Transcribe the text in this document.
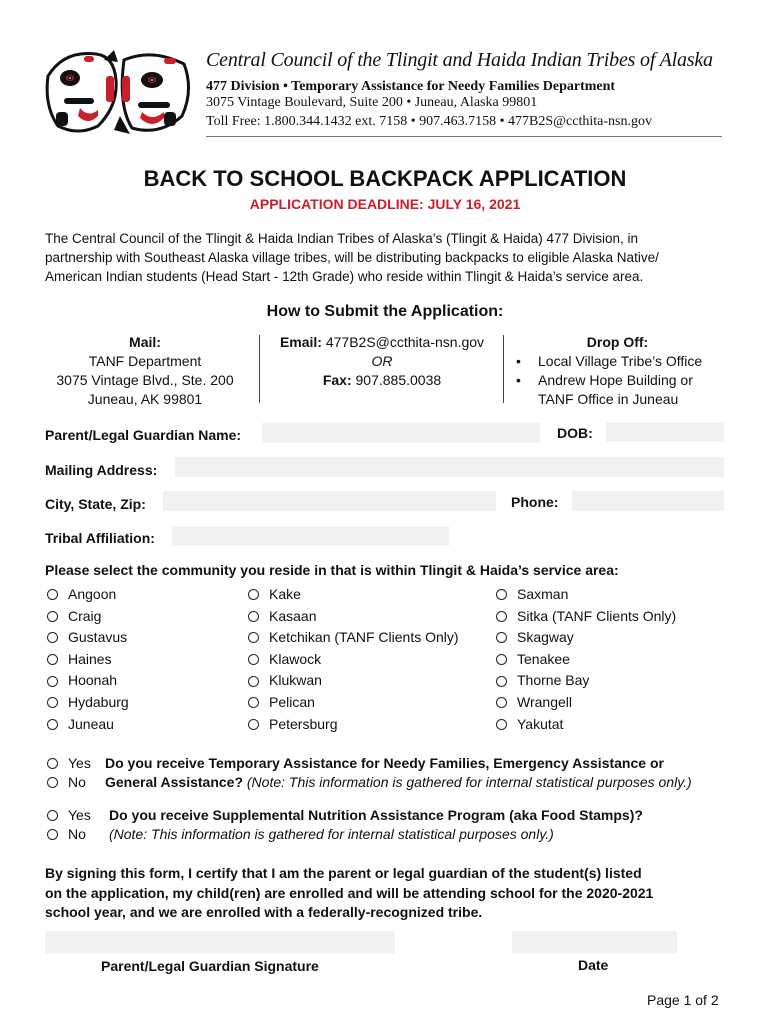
Central Council of the Tlingit and Haida Indian Tribes of Alaska
477 Division • Temporary Assistance for Needy Families Department
3075 Vintage Boulevard, Suite 200 • Juneau, Alaska 99801
Toll Free: 1.800.344.1432 ext. 7158 • 907.463.7158 • 477B2S@ccthita-nsn.gov
BACK TO SCHOOL BACKPACK APPLICATION
APPLICATION DEADLINE: JULY 16, 2021
The Central Council of the Tlingit & Haida Indian Tribes of Alaska’s (Tlingit & Haida) 477 Division, in
partnership with Southeast Alaska village tribes, will be distributing backpacks to eligible Alaska Native/
American Indian students (Head Start - 12th Grade) who reside within Tlingit & Haida’s service area.
How to Submit the Application:
Mail:
TANF Department
3075 Vintage Blvd., Ste. 200
Juneau, AK 99801
Email: 477B2S@ccthita-nsn.gov
OR
Fax: 907.885.0038
Drop Off:
• Local Village Tribe’s Office
• Andrew Hope Building or
TANF Office in Juneau
Parent/Legal Guardian Name:	DOB:
Mailing Address:
City, State, Zip:	Phone:
Tribal Affiliation:
Please select the community you reside in that is within Tlingit & Haida’s service area:
Angoon
Craig
Gustavus
Haines
Hoonah
Hydaburg
Juneau
Kake
Kasaan
Ketchikan (TANF Clients Only)
Klawock
Klukwan
Pelican
Petersburg
Saxman
Sitka (TANF Clients Only)
Skagway
Tenakee
Thorne Bay
Wrangell
Yakutat
Yes
No
Do you receive Temporary Assistance for Needy Families, Emergency Assistance or
General Assistance? (Note: This information is gathered for internal statistical purposes only.)
Yes
No
Do you receive Supplemental Nutrition Assistance Program (aka Food Stamps)?
(Note: This information is gathered for internal statistical purposes only.)
By signing this form, I certify that I am the parent or legal guardian of the student(s) listed
on the application, my child(ren) are enrolled and will be attending school for the 2020-2021
school year, and we are enrolled with a federally-recognized tribe.
Parent/Legal Guardian Signature	Date
Page 1 of 2
